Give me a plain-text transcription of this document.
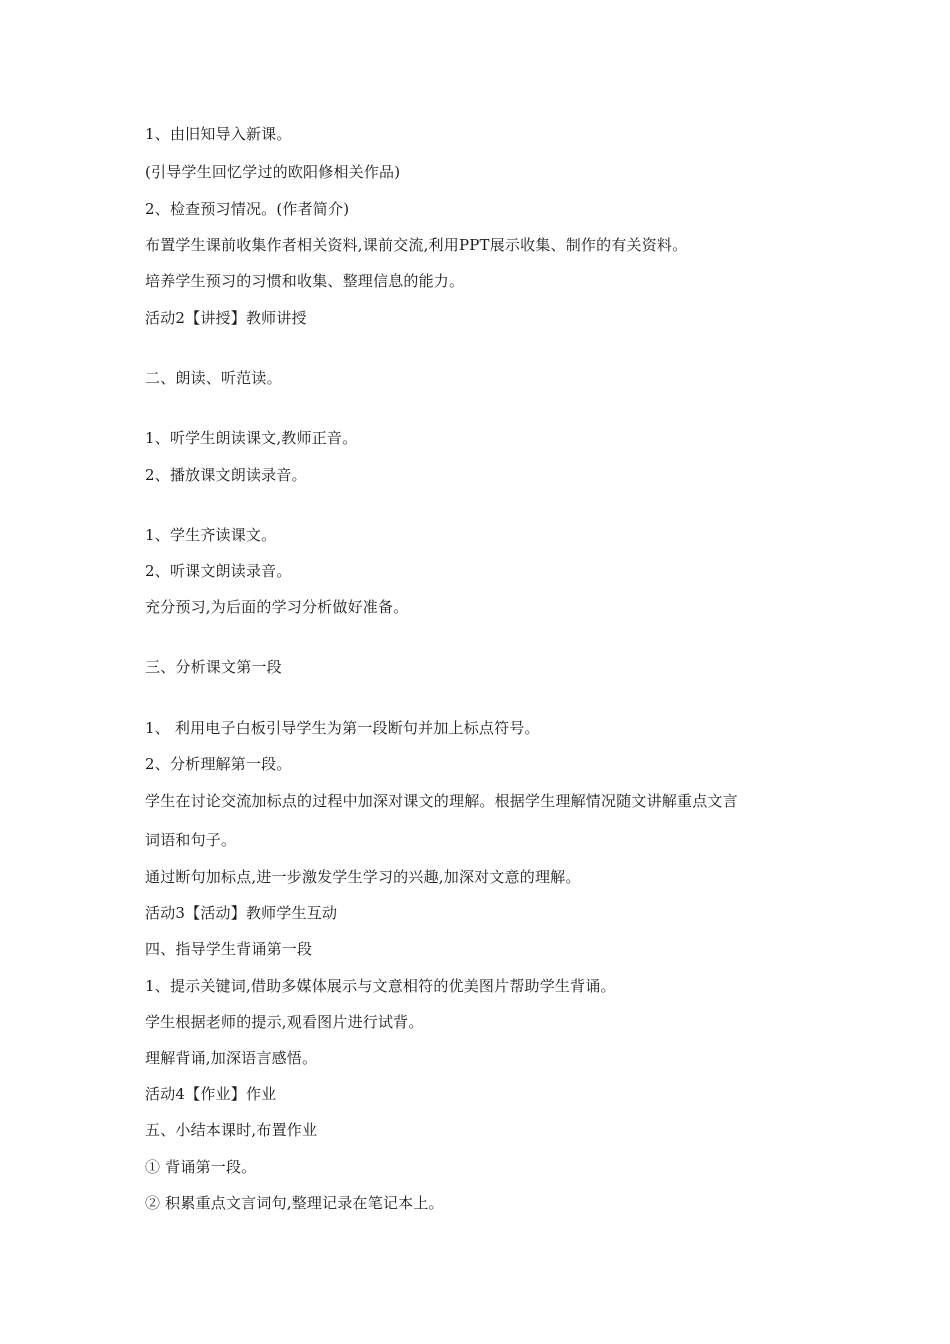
1、由旧知导入新课。
(引导学生回忆学过的欧阳修相关作品)
2、检查预习情况。(作者简介)
布置学生课前收集作者相关资料,课前交流,利用PPT展示收集、制作的有关资料。
培养学生预习的习惯和收集、整理信息的能力。
活动2【讲授】教师讲授
二、朗读、听范读。
1、听学生朗读课文,教师正音。
2、播放课文朗读录音。
1、学生齐读课文。
2、听课文朗读录音。
充分预习,为后面的学习分析做好准备。
三、分析课文第一段
1、 利用电子白板引导学生为第一段断句并加上标点符号。
2、分析理解第一段。
学生在讨论交流加标点的过程中加深对课文的理解。根据学生理解情况随文讲解重点文言
词语和句子。
通过断句加标点,进一步激发学生学习的兴趣,加深对文意的理解。
活动3【活动】教师学生互动
四、指导学生背诵第一段
1、提示关键词,借助多媒体展示与文意相符的优美图片帮助学生背诵。
学生根据老师的提示,观看图片进行试背。
理解背诵,加深语言感悟。
活动4【作业】作业
五、小结本课时,布置作业
① 背诵第一段。
② 积累重点文言词句,整理记录在笔记本上。
